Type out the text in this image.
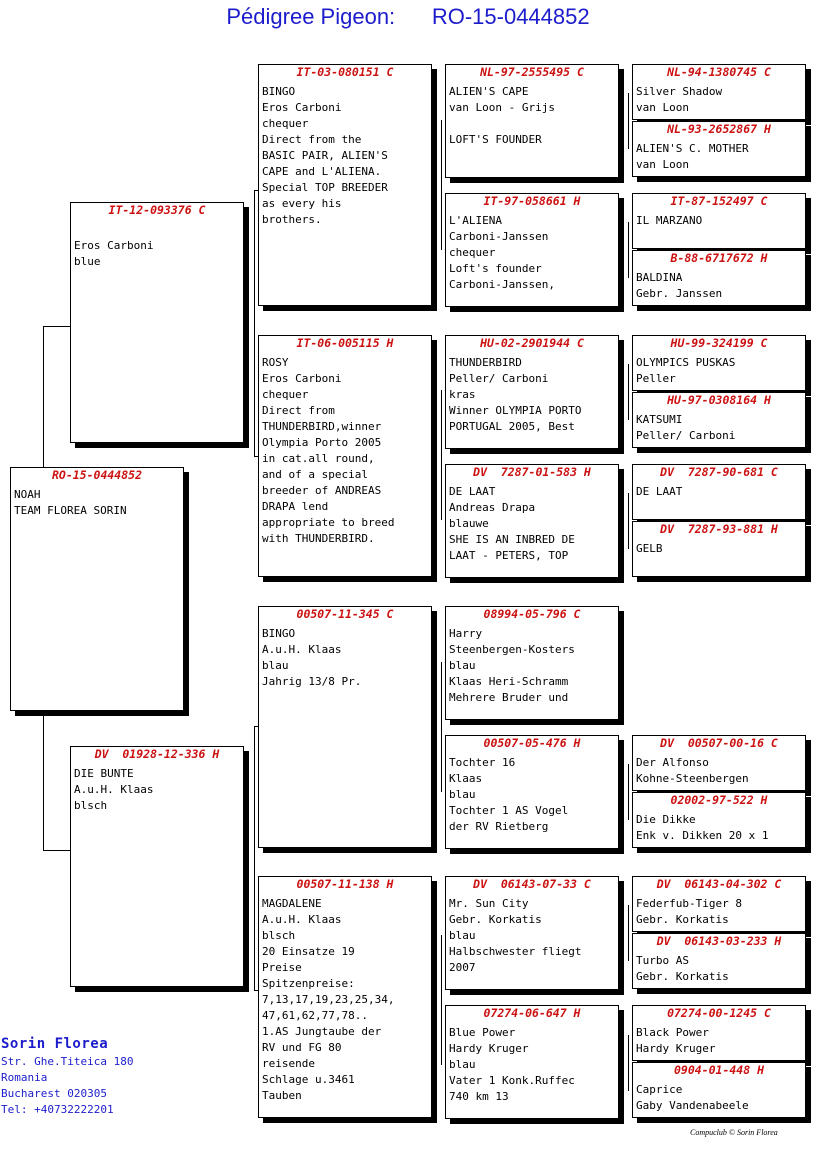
Pédigree Pigeon:      RO-15-0444852
RO-15-0444852
NOAH
TEAM FLOREA SORIN
IT-12-093376 C
Eros Carboni
blue
DV  01928-12-336 H
DIE BUNTE
A.u.H. Klaas
blsch
IT-03-080151 C
BINGO
Eros Carboni
chequer
Direct from the
BASIC PAIR, ALIEN'S
CAPE and L'ALIENA.
Special TOP BREEDER
as every his
brothers.
IT-06-005115 H
ROSY
Eros Carboni
chequer
Direct from
THUNDERBIRD,winner
Olympia Porto 2005
in cat.all round,
and of a special
breeder of ANDREAS
DRAPA lend
appropriate to breed
with THUNDERBIRD.
00507-11-345 C
BINGO
A.u.H. Klaas
blau
Jahrig 13/8 Pr.
00507-11-138 H
MAGDALENE
A.u.H. Klaas
blsch
20 Einsatze 19
Preise
Spitzenpreise:
7,13,17,19,23,25,34,
47,61,62,77,78..
1.AS Jungtaube der
RV und FG 80
reisende
Schlage u.3461
Tauben
NL-97-2555495 C
ALIEN'S CAPE
van Loon - Grijs
LOFT'S FOUNDER
IT-97-058661 H
L'ALIENA
Carboni-Janssen
chequer
Loft's founder
Carboni-Janssen,
HU-02-2901944 C
THUNDERBIRD
Peller/ Carboni
kras
Winner OLYMPIA PORTO
PORTUGAL 2005, Best
DV  7287-01-583 H
DE LAAT
Andreas Drapa
blauwe
SHE IS AN INBRED DE
LAAT - PETERS, TOP
08994-05-796 C
Harry
Steenbergen-Kosters
blau
Klaas Heri-Schramm
Mehrere Bruder und
00507-05-476 H
Tochter 16
Klaas
blau
Tochter 1 AS Vogel
der RV Rietberg
DV  06143-07-33 C
Mr. Sun City
Gebr. Korkatis
blau
Halbschwester fliegt
2007
07274-06-647 H
Blue Power
Hardy Kruger
blau
Vater 1 Konk.Ruffec
740 km 13
NL-94-1380745 C
Silver Shadow
van Loon
NL-93-2652867 H
ALIEN'S C. MOTHER
van Loon
IT-87-152497 C
IL MARZANO
B-88-6717672 H
BALDINA
Gebr. Janssen
HU-99-324199 C
OLYMPICS PUSKAS
Peller
HU-97-0308164 H
KATSUMI
Peller/ Carboni
DV  7287-90-681 C
DE LAAT
DV  7287-93-881 H
GELB
DV  00507-00-16 C
Der Alfonso
Kohne-Steenbergen
02002-97-522 H
Die Dikke
Enk v. Dikken 20 x 1
DV  06143-04-302 C
Federfub-Tiger 8
Gebr. Korkatis
DV  06143-03-233 H
Turbo AS
Gebr. Korkatis
07274-00-1245 C
Black Power
Hardy Kruger
0904-01-448 H
Caprice
Gaby Vandenabeele
Sorin Florea
Str. Ghe.Titeica 180
Romania
Bucharest 020305
Tel: +40732222201
Compuclub © Sorin Florea
